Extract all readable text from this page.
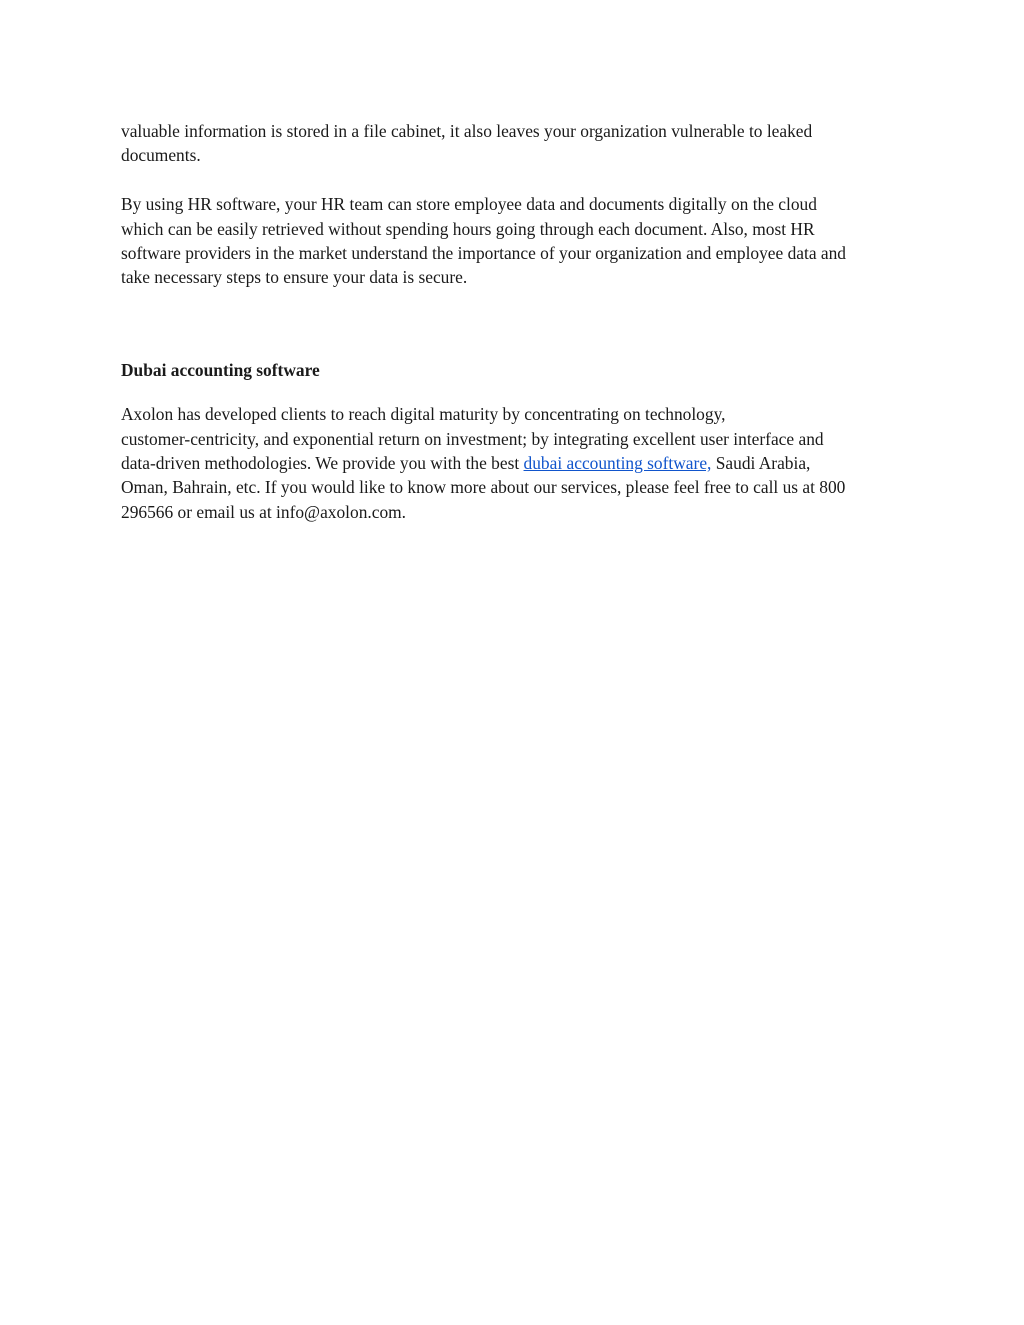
valuable information is stored in a file cabinet, it also leaves your organization vulnerable to leaked
documents.

By using HR software, your HR team can store employee data and documents digitally on the cloud
which can be easily retrieved without spending hours going through each document. Also, most HR
software providers in the market understand the importance of your organization and employee data and
take necessary steps to ensure your data is secure.

Dubai accounting software

Axolon has developed clients to reach digital maturity by concentrating on technology,
customer-centricity, and exponential return on investment; by integrating excellent user interface and
data-driven methodologies. We provide you with the best dubai accounting software, Saudi Arabia,
Oman, Bahrain, etc. If you would like to know more about our services, please feel free to call us at 800
296566 or email us at info@axolon.com.
